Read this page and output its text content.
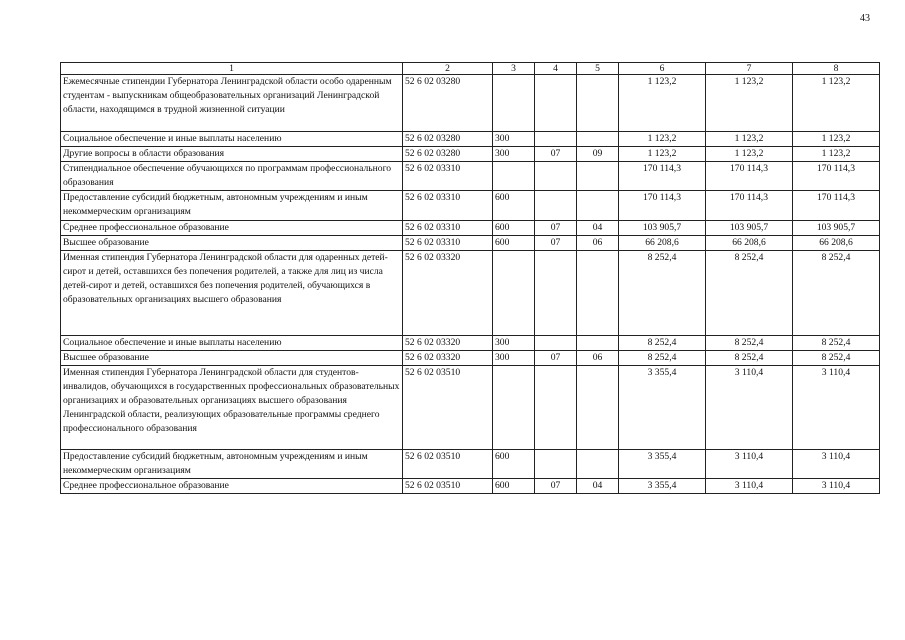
43
1	2	3	4	5	6	7	8
Ежемесячные стипендии Губернатора Ленинградской области особо одаренным студентам - выпускникам общеобразовательных организаций Ленинградской области, находящимся в трудной жизненной ситуации	52 6 02 03280				1 123,2	1 123,2	1 123,2
Социальное обеспечение и иные выплаты населению	52 6 02 03280	300			1 123,2	1 123,2	1 123,2
Другие вопросы в области образования	52 6 02 03280	300	07	09	1 123,2	1 123,2	1 123,2
Стипендиальное обеспечение обучающихся по программам профессионального образования	52 6 02 03310				170 114,3	170 114,3	170 114,3
Предоставление субсидий бюджетным, автономным учреждениям и иным некоммерческим организациям	52 6 02 03310	600			170 114,3	170 114,3	170 114,3
Среднее профессиональное образование	52 6 02 03310	600	07	04	103 905,7	103 905,7	103 905,7
Высшее образование	52 6 02 03310	600	07	06	66 208,6	66 208,6	66 208,6
Именная стипендия Губернатора Ленинградской области для одаренных детей-сирот и детей, оставшихся без попечения родителей, а также для лиц из числа детей-сирот и детей, оставшихся без попечения родителей, обучающихся в образовательных организациях высшего образования	52 6 02 03320				8 252,4	8 252,4	8 252,4
Социальное обеспечение и иные выплаты населению	52 6 02 03320	300			8 252,4	8 252,4	8 252,4
Высшее образование	52 6 02 03320	300	07	06	8 252,4	8 252,4	8 252,4
Именная стипендия Губернатора Ленинградской области для студентов-инвалидов, обучающихся в государственных профессиональных образовательных организациях и образовательных организациях высшего образования Ленинградской области, реализующих образовательные программы среднего профессионального образования	52 6 02 03510				3 355,4	3 110,4	3 110,4
Предоставление субсидий бюджетным, автономным учреждениям и иным некоммерческим организациям	52 6 02 03510	600			3 355,4	3 110,4	3 110,4
Среднее профессиональное образование	52 6 02 03510	600	07	04	3 355,4	3 110,4	3 110,4
